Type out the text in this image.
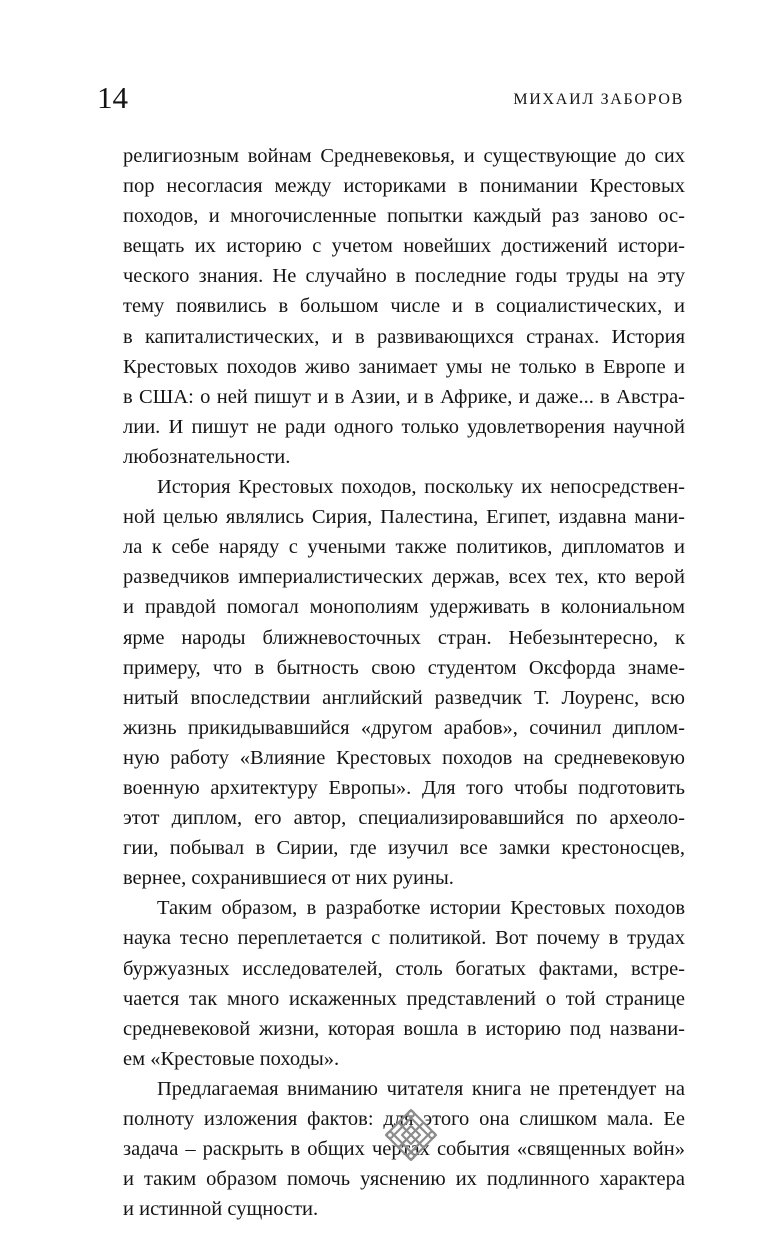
14	МИХАИЛ ЗАБОРОВ

религиозным войнам Средневековья, и существующие до сих
пор несогласия между историками в понимании Крестовых
походов, и многочисленные попытки каждый раз заново ос-
вещать их историю с учетом новейших достижений истори-
ческого знания. Не случайно в последние годы труды на эту
тему появились в большом числе и в социалистических, и
в капиталистических, и в развивающихся странах. История
Крестовых походов живо занимает умы не только в Европе и
в США: о ней пишут и в Азии, и в Африке, и даже... в Австра-
лии. И пишут не ради одного только удовлетворения научной
любознательности.

История Крестовых походов, поскольку их непосредствен-
ной целью являлись Сирия, Палестина, Египет, издавна мани-
ла к себе наряду с учеными также политиков, дипломатов и
разведчиков империалистических держав, всех тех, кто верой
и правдой помогал монополиям удерживать в колониальном
ярме народы ближневосточных стран. Небезынтересно, к
примеру, что в бытность свою студентом Оксфорда знаме-
нитый впоследствии английский разведчик Т. Лоуренс, всю
жизнь прикидывавшийся «другом арабов», сочинил диплом-
ную работу «Влияние Крестовых походов на средневековую
военную архитектуру Европы». Для того чтобы подготовить
этот диплом, его автор, специализировавшийся по археоло-
гии, побывал в Сирии, где изучил все замки крестоносцев,
вернее, сохранившиеся от них руины.

Таким образом, в разработке истории Крестовых походов
наука тесно переплетается с политикой. Вот почему в трудах
буржуазных исследователей, столь богатых фактами, встре-
чается так много искаженных представлений о той странице
средневековой жизни, которая вошла в историю под названи-
ем «Крестовые походы».

Предлагаемая вниманию читателя книга не претендует на
полноту изложения фактов: для этого она слишком мала. Ее
задача – раскрыть в общих чертах события «священных войн»
и таким образом помочь уяснению их подлинного характера
и истинной сущности.
